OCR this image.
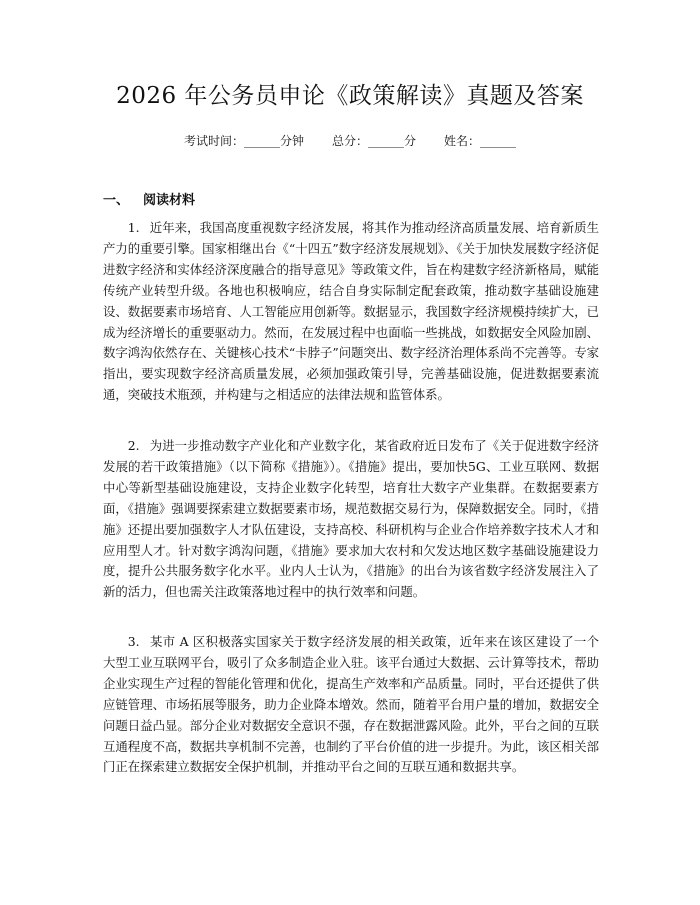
2026 年公务员申论《政策解读》真题及答案
考试时间：______分钟 总分：______分 姓名：______
一、 阅读材料

1. 近年来，我国高度重视数字经济发展，将其作为推动经济高质量发展、培育新质生产力的重要引擎。国家相继出台《“十四五”数字经济发展规划》、《关于加快发展数字经济促进数字经济和实体经济深度融合的指导意见》等政策文件，旨在构建数字经济新格局，赋能传统产业转型升级。各地也积极响应，结合自身实际制定配套政策，推动数字基础设施建设、数据要素市场培育、人工智能应用创新等。数据显示，我国数字经济规模持续扩大，已成为经济增长的重要驱动力。然而，在发展过程中也面临一些挑战，如数据安全风险加剧、数字鸿沟依然存在、关键核心技术“卡脖子”问题突出、数字经济治理体系尚不完善等。专家指出，要实现数字经济高质量发展，必须加强政策引导，完善基础设施，促进数据要素流通，突破技术瓶颈，并构建与之相适应的法律法规和监管体系。

2. 为进一步推动数字产业化和产业数字化，某省政府近日发布了《关于促进数字经济发展的若干政策措施》（以下简称《措施》）。《措施》提出，要加快5G、工业互联网、数据中心等新型基础设施建设，支持企业数字化转型，培育壮大数字产业集群。在数据要素方面，《措施》强调要探索建立数据要素市场，规范数据交易行为，保障数据安全。同时，《措施》还提出要加强数字人才队伍建设，支持高校、科研机构与企业合作培养数字技术人才和应用型人才。针对数字鸿沟问题，《措施》要求加大农村和欠发达地区数字基础设施建设力度，提升公共服务数字化水平。业内人士认为，《措施》的出台为该省数字经济发展注入了新的活力，但也需关注政策落地过程中的执行效率和问题。

3. 某市 A 区积极落实国家关于数字经济发展的相关政策，近年来在该区建设了一个大型工业互联网平台，吸引了众多制造企业入驻。该平台通过大数据、云计算等技术，帮助企业实现生产过程的智能化管理和优化，提高生产效率和产品质量。同时，平台还提供了供应链管理、市场拓展等服务，助力企业降本增效。然而，随着平台用户量的增加，数据安全问题日益凸显。部分企业对数据安全意识不强，存在数据泄露风险。此外，平台之间的互联互通程度不高，数据共享机制不完善，也制约了平台价值的进一步提升。为此，该区相关部门正在探索建立数据安全保护机制，并推动平台之间的互联互通和数据共享。
